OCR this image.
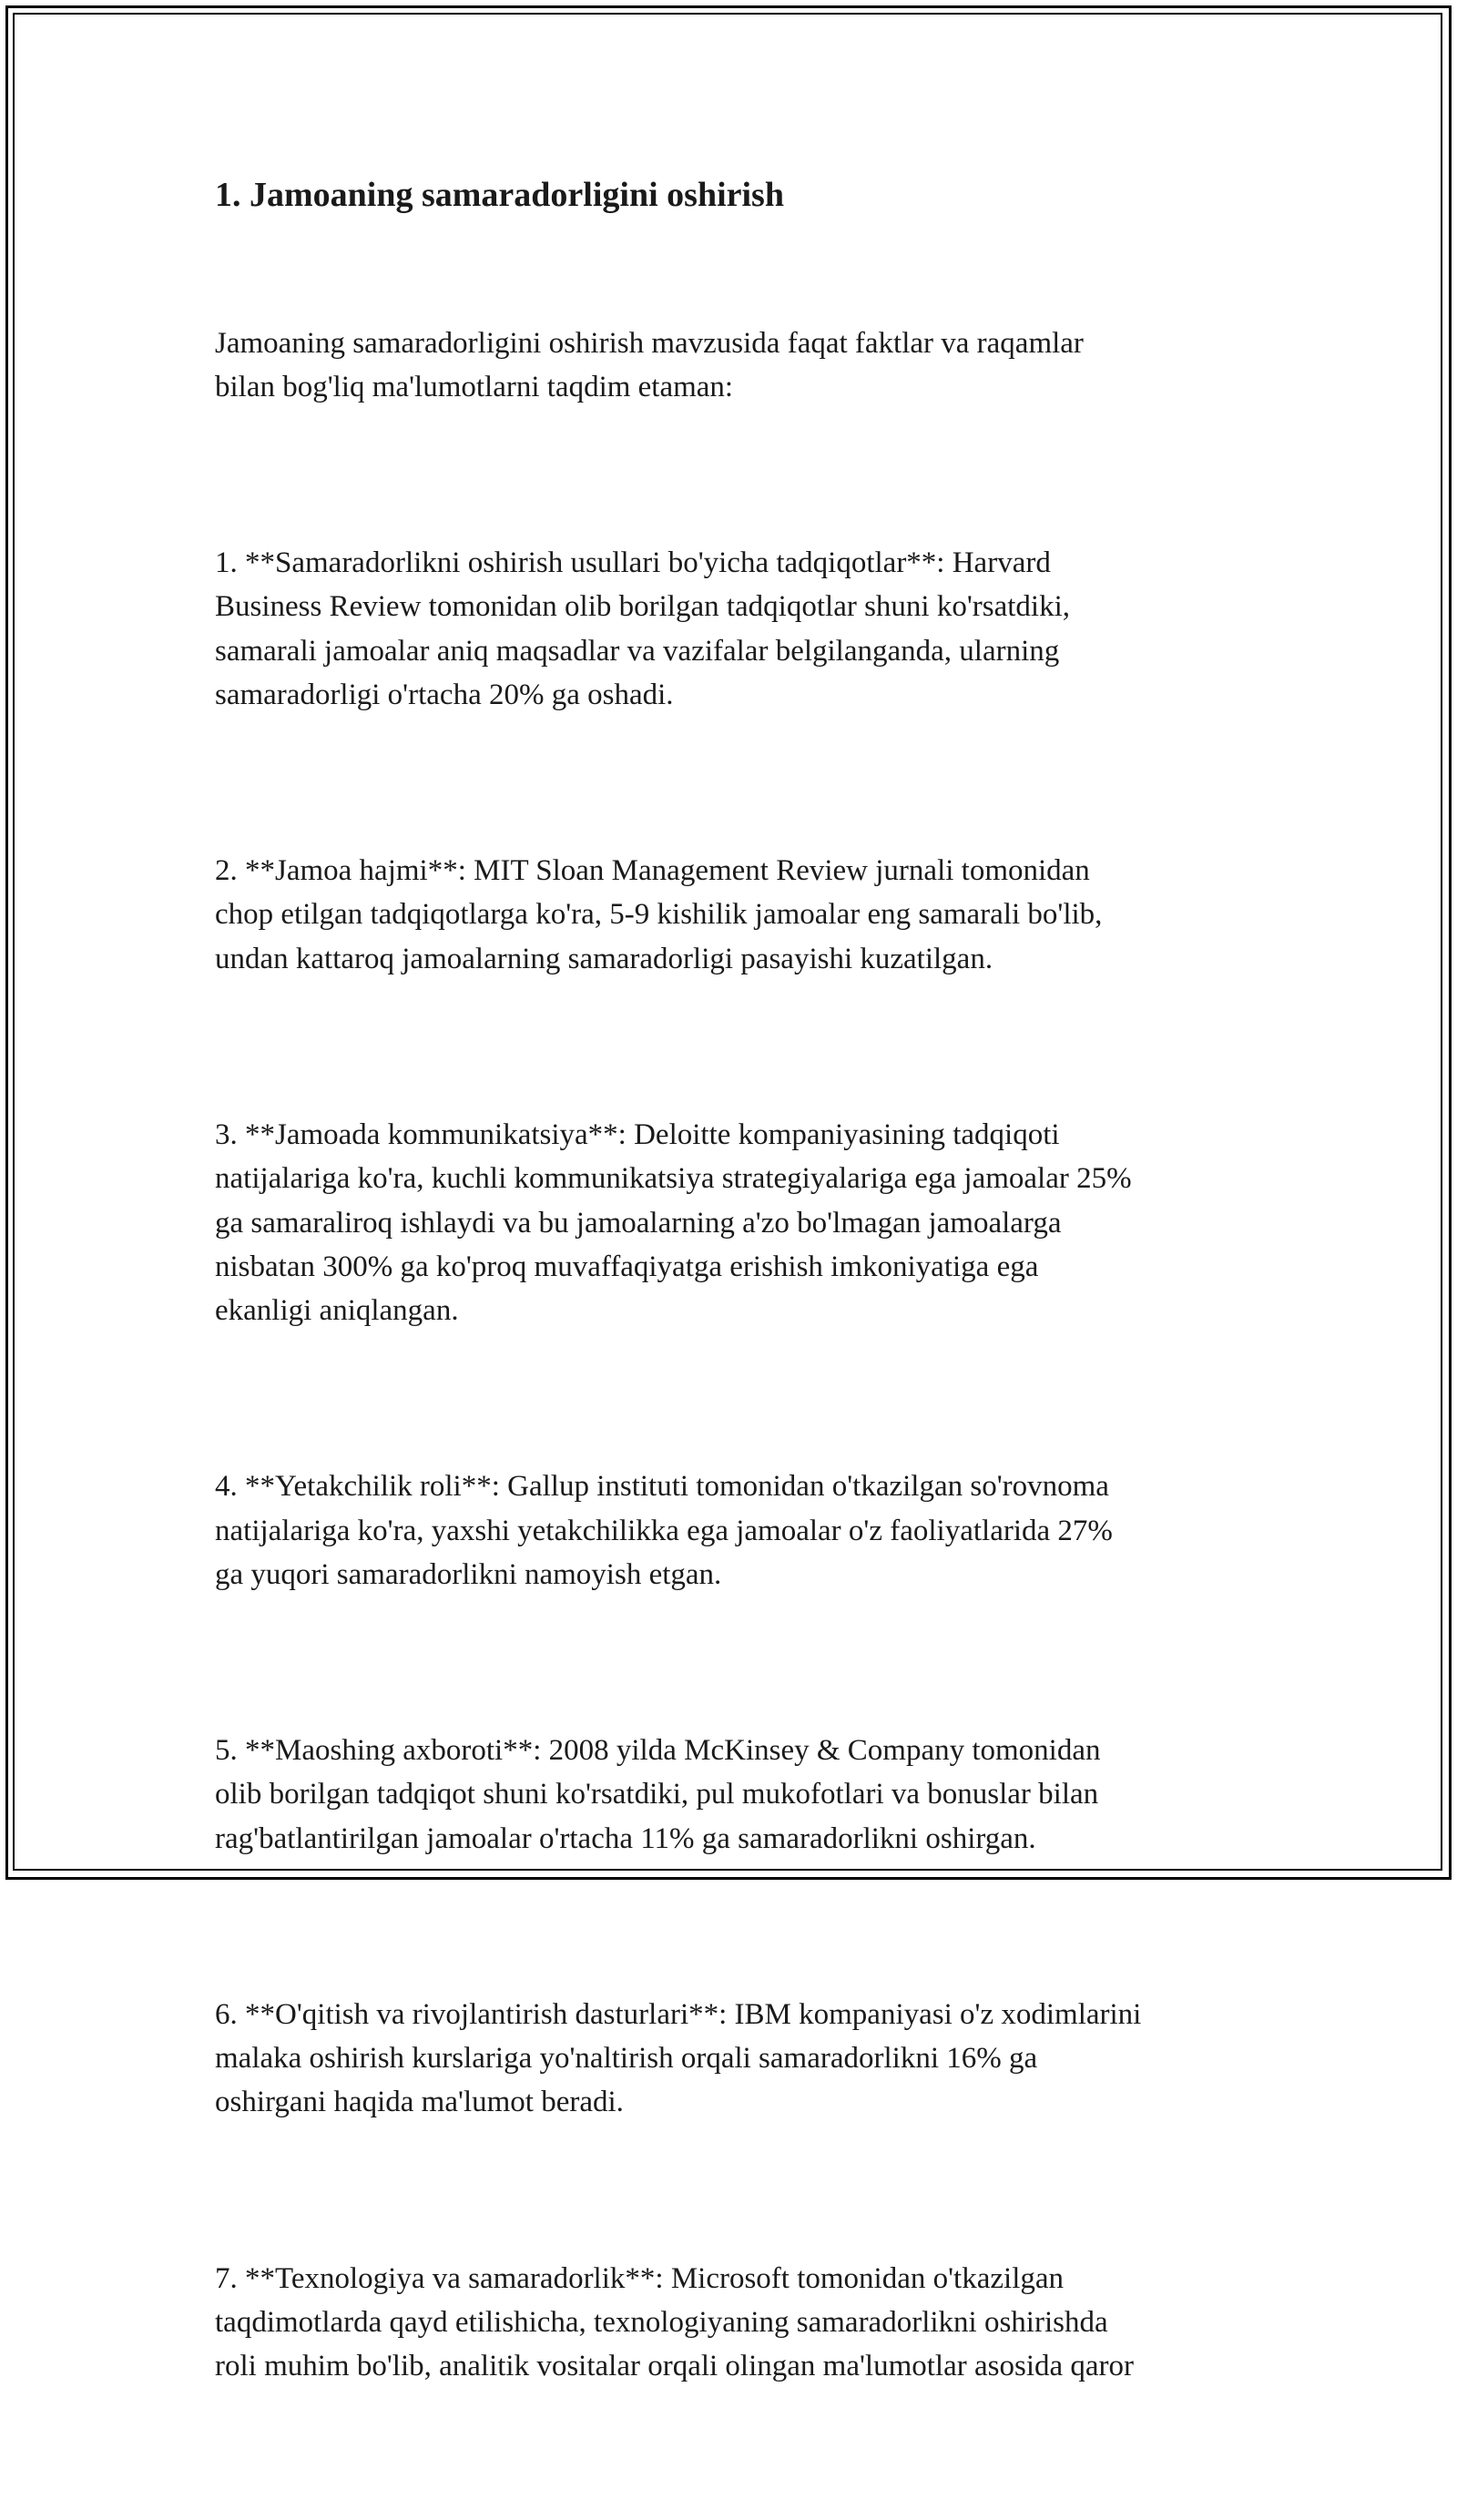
1. Jamoaning samaradorligini oshirish

Jamoaning samaradorligini oshirish mavzusida faqat faktlar va raqamlar
bilan bog'liq ma'lumotlarni taqdim etaman:

1. **Samaradorlikni oshirish usullari bo'yicha tadqiqotlar**: Harvard
Business Review tomonidan olib borilgan tadqiqotlar shuni ko'rsatdiki,
samarali jamoalar aniq maqsadlar va vazifalar belgilanganda, ularning
samaradorligi o'rtacha 20% ga oshadi.

2. **Jamoa hajmi**: MIT Sloan Management Review jurnali tomonidan
chop etilgan tadqiqotlarga ko'ra, 5-9 kishilik jamoalar eng samarali bo'lib,
undan kattaroq jamoalarning samaradorligi pasayishi kuzatilgan.

3. **Jamoada kommunikatsiya**: Deloitte kompaniyasining tadqiqoti
natijalariga ko'ra, kuchli kommunikatsiya strategiyalariga ega jamoalar 25%
ga samaraliroq ishlaydi va bu jamoalarning a'zo bo'lmagan jamoalarga
nisbatan 300% ga ko'proq muvaffaqiyatga erishish imkoniyatiga ega
ekanligi aniqlangan.

4. **Yetakchilik roli**: Gallup instituti tomonidan o'tkazilgan so'rovnoma
natijalariga ko'ra, yaxshi yetakchilikka ega jamoalar o'z faoliyatlarida 27%
ga yuqori samaradorlikni namoyish etgan.

5. **Maoshing axboroti**: 2008 yilda McKinsey & Company tomonidan
olib borilgan tadqiqot shuni ko'rsatdiki, pul mukofotlari va bonuslar bilan
rag'batlantirilgan jamoalar o'rtacha 11% ga samaradorlikni oshirgan.

6. **O'qitish va rivojlantirish dasturlari**: IBM kompaniyasi o'z xodimlarini
malaka oshirish kurslariga yo'naltirish orqali samaradorlikni 16% ga
oshirgani haqida ma'lumot beradi.

7. **Texnologiya va samaradorlik**: Microsoft tomonidan o'tkazilgan
taqdimotlarda qayd etilishicha, texnologiyaning samaradorlikni oshirishda
roli muhim bo'lib, analitik vositalar orqali olingan ma'lumotlar asosida qaror
